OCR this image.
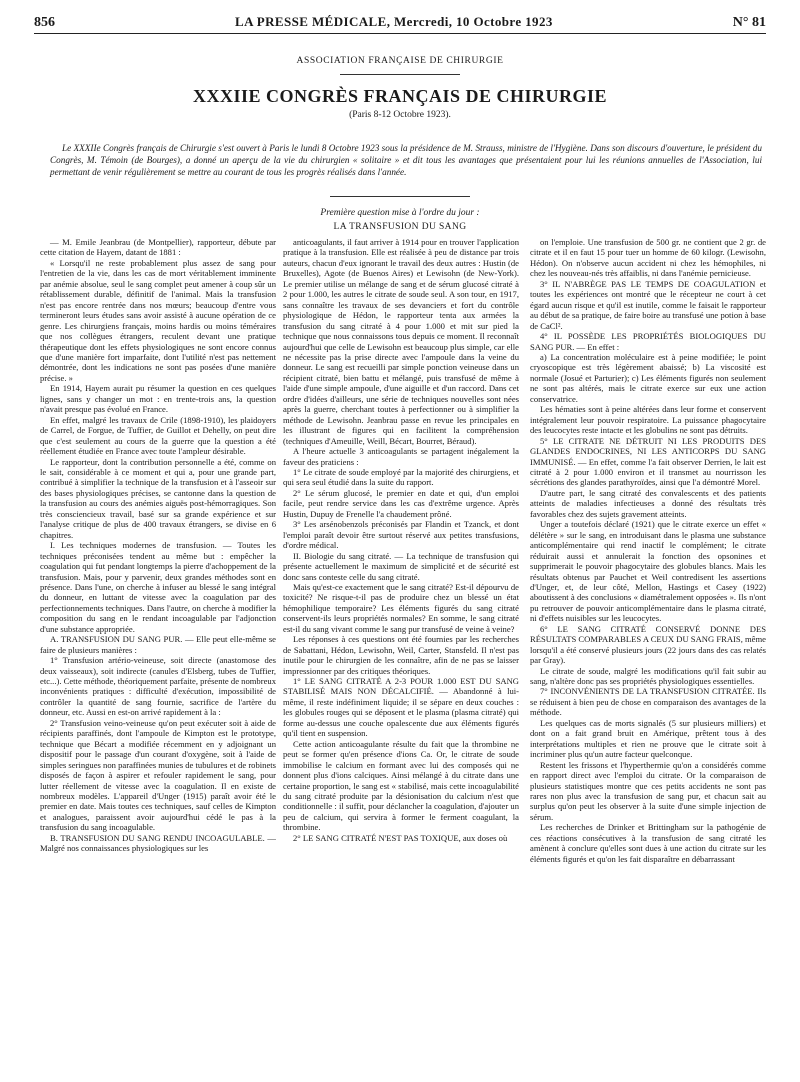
856	LA PRESSE MÉDICALE, Mercredi, 10 Octobre 1923	N° 81
ASSOCIATION FRANÇAISE DE CHIRURGIE
XXXIIE CONGRÈS FRANÇAIS DE CHIRURGIE
(Paris 8-12 Octobre 1923).
Le XXXIIe Congrès français de Chirurgie s'est ouvert à Paris le lundi 8 Octobre 1923 sous la présidence de M. Strauss, ministre de l'Hygiène. Dans son discours d'ouverture, le président du Congrès, M. Témoin (de Bourges), a donné un aperçu de la vie du chirurgien « solitaire » et dit tous les avantages que présentaient pour lui les réunions annuelles de l'Association, lui permettant de venir régulièrement se mettre au courant de tous les progrès réalisés dans l'année.
Première question mise à l'ordre du jour :
LA TRANSFUSION DU SANG

— M. Emile Jeanbrau (de Montpellier), rapporteur, débute par cette citation de Hayem, datant de 1881 :

« Lorsqu'il ne reste probablement plus assez de sang pour l'entretien de la vie, dans les cas de mort véritablement imminente par anémie absolue, seul le sang complet peut amener à coup sûr un rétablissement durable, définitif de l'animal. Mais la transfusion n'est pas encore rentrée dans nos mœurs; beaucoup d'entre vous termineront leurs études sans avoir assisté à aucune opération de ce genre. Les chirurgiens français, moins hardis ou moins téméraires que nos collègues étrangers, reculent devant une pratique thérapeutique dont les effets physiologiques ne sont encore connus que d'une manière fort imparfaite, dont l'utilité n'est pas nettement démontrée, dont les indications ne sont pas posées d'une manière précise. »

En 1914, Hayem aurait pu résumer la question en ces quelques lignes, sans y changer un mot : en trente-trois ans, la question n'avait presque pas évolué en France.

En effet, malgré les travaux de Crile (1898-1910), les plaidoyers de Carrel, de Forgue, de Tuffier, de Guillot et Dehelly, on peut dire que c'est seulement au cours de la guerre que la question a été réellement étudiée en France avec toute l'ampleur désirable.

Le rapporteur, dont la contribution personnelle a été, comme on le sait, considérable à ce moment et qui a, pour une grande part, contribué à simplifier la technique de la transfusion et à l'asseoir sur des bases physiologiques précises, se cantonne dans la question de la transfusion au cours des anémies aiguës post-hémorragiques. Son très consciencieux travail, basé sur sa grande expérience et sur l'analyse critique de plus de 400 travaux étrangers, se divise en 6 chapitres.

I. Les techniques modernes de transfusion. — Toutes les techniques préconisées tendent au même but : empêcher la coagulation qui fut pendant longtemps la pierre d'achoppement de la transfusion. Mais, pour y parvenir, deux grandes méthodes sont en présence. Dans l'une, on cherche à infuser au blessé le sang intégral du donneur, en luttant de vitesse avec la coagulation par des perfectionnements techniques. Dans l'autre, on cherche à modifier la composition du sang en le rendant incoagulable par l'adjonction d'une substance appropriée.

A. TRANSFUSION DU SANG PUR. — Elle peut elle-même se faire de plusieurs manières :

1° Transfusion artério-veineuse, soit directe (anastomose des deux vaisseaux), soit indirecte (canules d'Elsberg, tubes de Tuffier, etc...). Cette méthode, théoriquement parfaite, présente de nombreux inconvénients pratiques : difficulté d'exécution, impossibilité de contrôler la quantité de sang fournie, sacrifice de l'artère du donneur, etc. Aussi en est-on arrivé rapidement à la :

2° Transfusion veino-veineuse qu'on peut exécuter soit à aide de récipients paraffinés, dont l'ampoule de Kimpton est le prototype, technique que Bécart a modifiée récemment en y adjoignant un dispositif pour le passage d'un courant d'oxygène, soit à l'aide de simples seringues non paraffinées munies de tubulures et de robinets disposés de façon à aspirer et refouler rapidement le sang, pour lutter réellement de vitesse avec la coagulation. Il en existe de nombreux modèles. L'appareil d'Unger (1915) paraît avoir été le premier en date. Mais toutes ces techniques, sauf celles de Kimpton et analogues, paraissent avoir aujourd'hui cédé le pas à la transfusion du sang incoagulable.

B. TRANSFUSION DU SANG RENDU INCOAGULABLE. — Malgré nos connaissances physiologiques sur les

anticoagulants, il faut arriver à 1914 pour en trouver l'application pratique à la transfusion. Elle est réalisée à peu de distance par trois auteurs, chacun d'eux ignorant le travail des deux autres : Hustin (de Bruxelles), Agote (de Buenos Aires) et Lewisohn (de New-York). Le premier utilise un mélange de sang et de sérum glucosé citraté à 2 pour 1.000, les autres le citrate de soude seul. A son tour, en 1917, sans connaître les travaux de ses devanciers et fort du contrôle physiologique de Hédon, le rapporteur tenta aux armées la transfusion du sang citraté à 4 pour 1.000 et mit sur pied la technique que nous connaissons tous depuis ce moment. Il reconnaît aujourd'hui que celle de Lewisohn est beaucoup plus simple, car elle ne nécessite pas la prise directe avec l'ampoule dans la veine du donneur. Le sang est recueilli par simple ponction veineuse dans un récipient citraté, bien battu et mélangé, puis transfusé de même à l'aide d'une simple ampoule, d'une aiguille et d'un raccord. Dans cet ordre d'idées d'ailleurs, une série de techniques nouvelles sont nées après la guerre, cherchant toutes à perfectionner ou à simplifier la méthode de Lewisohn. Jeanbrau passe en revue les principales en les illustrant de figures qui en facilitent la compréhension (techniques d'Ameuille, Weill, Bécart, Bourret, Béraud).

A l'heure actuelle 3 anticoagulants se partagent inégalement la faveur des praticiens :

1° Le citrate de soude employé par la majorité des chirurgiens, et qui sera seul étudié dans la suite du rapport.

2° Le sérum glucosé, le premier en date et qui, d'un emploi facile, peut rendre service dans les cas d'extrême urgence. Après Hustin, Dupuy de Frenelle l'a chaudement prôné.

3° Les arsénobenzols préconisés par Flandin et Tzanck, et dont l'emploi paraît devoir être surtout réservé aux petites transfusions, d'ordre médical.

II. Biologie du sang citraté. — La technique de transfusion qui présente actuellement le maximum de simplicité et de sécurité est donc sans conteste celle du sang citraté.

Mais qu'est-ce exactement que le sang citraté? Est-il dépourvu de toxicité? Ne risque-t-il pas de produire chez un blessé un état hémophilique temporaire? Les éléments figurés du sang citraté conservent-ils leurs propriétés normales? En somme, le sang citraté est-il du sang vivant comme le sang pur transfusé de veine à veine?

Les réponses à ces questions ont été fournies par les recherches de Sabattani, Hédon, Lewisohn, Weil, Carter, Stansfeld. Il n'est pas inutile pour le chirurgien de les connaître, afin de ne pas se laisser impressionner par des critiques théoriques.

1° LE SANG CITRATÉ A 2-3 POUR 1.000 EST DU SANG STABILISÉ MAIS NON DÉCALCIFIÉ. — Abandonné à lui-même, il reste indéfiniment liquide; il se sépare en deux couches : les globules rouges qui se déposent et le plasma (plasma citraté) qui forme au-dessus une couche opalescente due aux éléments figurés qu'il tient en suspension.

Cette action anticoagulante résulte du fait que la thrombine ne peut se former qu'en présence d'ions Ca. Or, le citrate de soude immobilise le calcium en formant avec lui des composés qui ne donnent plus d'ions calciques. Ainsi mélangé à du citrate dans une certaine proportion, le sang est « stabilisé, mais cette incoagulabilité du sang citraté produite par la désionisation du calcium n'est que conditionnelle : il suffit, pour déclancher la coagulation, d'ajouter un peu de calcium, qui servira à former le ferment coagulant, la thrombine.

2° LE SANG CITRATÉ N'EST PAS TOXIQUE, aux doses où

on l'emploie. Une transfusion de 500 gr. ne contient que 2 gr. de citrate et il en faut 15 pour tuer un homme de 60 kilogr. (Lewisohn, Hédon). On n'observe aucun accident ni chez les hémophiles, ni chez les nouveau-nés très affaiblis, ni dans l'anémie pernicieuse.

3° IL N'ABRÈGE PAS LE TEMPS DE COAGULATION et toutes les expériences ont montré que le récepteur ne court à cet égard aucun risque et qu'il est inutile, comme le faisait le rapporteur au début de sa pratique, de faire boire au transfusé une potion à base de CaCl².

4° IL POSSÈDE LES PROPRIÉTÉS BIOLOGIQUES DU SANG PUR. — En effet :

a) La concentration moléculaire est à peine modifiée; le point cryoscopique est très légèrement abaissé; b) La viscosité est normale (Josué et Parturier); c) Les éléments figurés non seulement ne sont pas altérés, mais le citrate exerce sur eux une action conservatrice.

Les hématies sont à peine altérées dans leur forme et conservent intégralement leur pouvoir respiratoire. La puissance phagocytaire des leucocytes reste intacte et les globulins ne sont pas détruits.

5° LE CITRATE NE DÉTRUIT NI LES PRODUITS DES GLANDES ENDOCRINES, NI LES ANTICORPS DU SANG IMMUNISÉ. — En effet, comme l'a fait observer Derrien, le lait est citraté à 2 pour 1.000 environ et il transmet au nourrisson les sécrétions des glandes parathyroïdes, ainsi que l'a démontré Morel.

D'autre part, le sang citraté des convalescents et des patients atteints de maladies infectieuses a donné des résultats très favorables chez des sujets gravement atteints.

Unger a toutefois déclaré (1921) que le citrate exerce un effet « délétère » sur le sang, en introduisant dans le plasma une substance anticomplémentaire qui rend inactif le complément; le citrate réduirait aussi et annulerait la fonction des opsonines et supprimerait le pouvoir phagocytaire des globules blancs. Mais les résultats obtenus par Pauchet et Weil contredisent les assertions d'Unger, et, de leur côté, Mellon, Hastings et Casey (1922) aboutissent à des conclusions « diamétralement opposées ». Ils n'ont pu retrouver de pouvoir anticomplémentaire dans le plasma citraté, ni d'effets nuisibles sur les leucocytes.

6° LE SANG CITRATÉ CONSERVÉ DONNE DES RÉSULTATS COMPARABLES A CEUX DU SANG FRAIS, même lorsqu'il a été conservé plusieurs jours (22 jours dans des cas relatés par Gray).

Le citrate de soude, malgré les modifications qu'il fait subir au sang, n'altère donc pas ses propriétés physiologiques essentielles.

7° INCONVÉNIENTS DE LA TRANSFUSION CITRATÉE. Ils se réduisent à bien peu de chose en comparaison des avantages de la méthode.

Les quelques cas de morts signalés (5 sur plusieurs milliers) et dont on a fait grand bruit en Amérique, prêtent tous à des interprétations multiples et rien ne prouve que le citrate soit à incriminer plus qu'un autre facteur quelconque.

Restent les frissons et l'hyperthermie qu'on a considérés comme en rapport direct avec l'emploi du citrate. Or la comparaison de plusieurs statistiques montre que ces petits accidents ne sont pas rares non plus avec la transfusion de sang pur, et chacun sait au surplus qu'on peut les observer à la suite d'une simple injection de sérum.

Les recherches de Drinker et Brittingham sur la pathogénie de ces réactions consécutives à la transfusion de sang citraté les amènent à conclure qu'elles sont dues à une action du citrate sur les éléments figurés et qu'on les fait disparaître en débarrassant
